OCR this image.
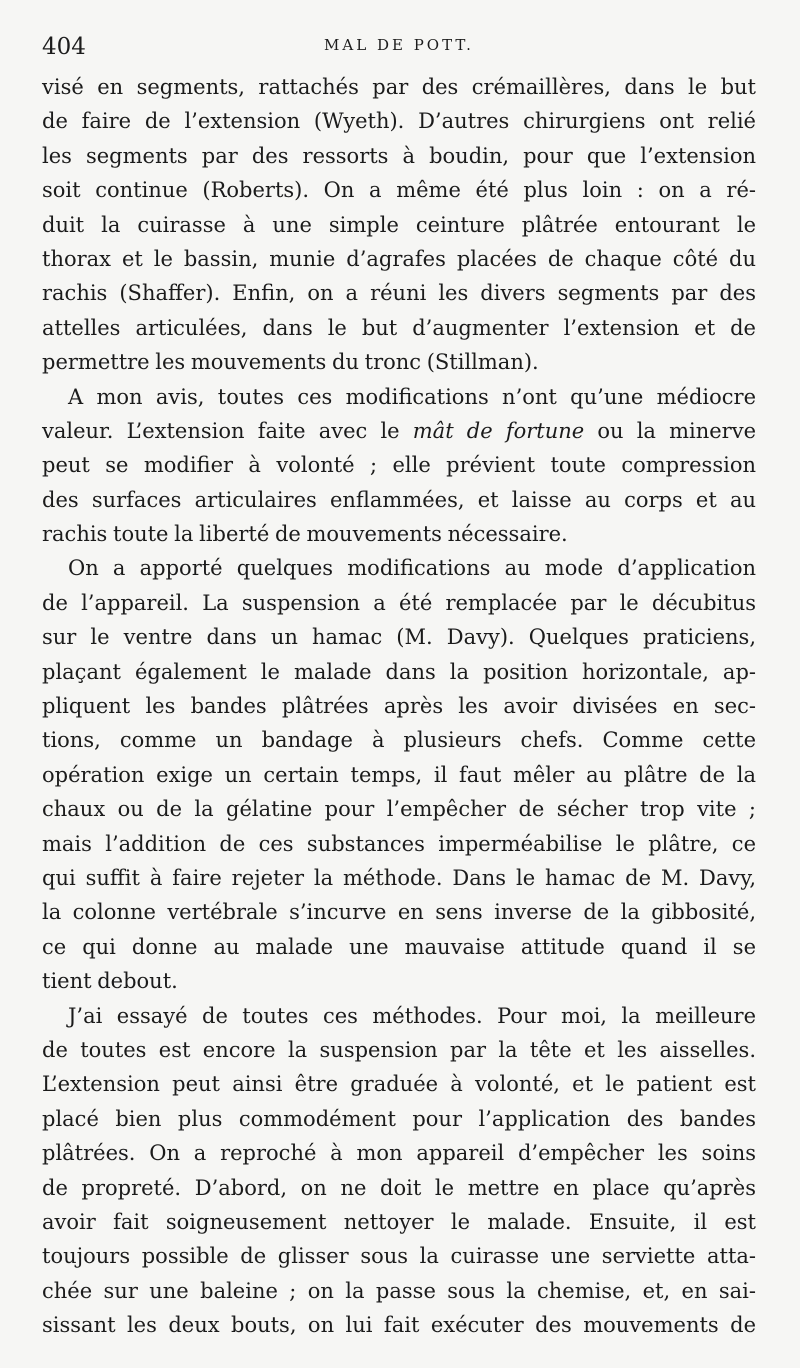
404	MAL DE POTT.

visé en segments, rattachés par des crémaillères, dans le but
de faire de l’extension (Wyeth). D’autres chirurgiens ont relié
les segments par des ressorts à boudin, pour que l’extension
soit continue (Roberts). On a même été plus loin : on a ré-
duit la cuirasse à une simple ceinture plâtrée entourant le
thorax et le bassin, munie d’agrafes placées de chaque côté du
rachis (Shaffer). Enfin, on a réuni les divers segments par des
attelles articulées, dans le but d’augmenter l’extension et de
permettre les mouvements du tronc (Stillman).

A mon avis, toutes ces modifications n’ont qu’une médiocre
valeur. L’extension faite avec le mât de fortune ou la minerve
peut se modifier à volonté ; elle prévient toute compression
des surfaces articulaires enflammées, et laisse au corps et au
rachis toute la liberté de mouvements nécessaire.

On a apporté quelques modifications au mode d’application
de l’appareil. La suspension a été remplacée par le décubitus
sur le ventre dans un hamac (M. Davy). Quelques praticiens,
plaçant également le malade dans la position horizontale, ap-
pliquent les bandes plâtrées après les avoir divisées en sec-
tions, comme un bandage à plusieurs chefs. Comme cette
opération exige un certain temps, il faut mêler au plâtre de la
chaux ou de la gélatine pour l’empêcher de sécher trop vite ;
mais l’addition de ces substances imperméabilise le plâtre, ce
qui suffit à faire rejeter la méthode. Dans le hamac de M. Davy,
la colonne vertébrale s’incurve en sens inverse de la gibbosité,
ce qui donne au malade une mauvaise attitude quand il se
tient debout.

J’ai essayé de toutes ces méthodes. Pour moi, la meilleure
de toutes est encore la suspension par la tête et les aisselles.
L’extension peut ainsi être graduée à volonté, et le patient est
placé bien plus commodément pour l’application des bandes
plâtrées. On a reproché à mon appareil d’empêcher les soins
de propreté. D’abord, on ne doit le mettre en place qu’après
avoir fait soigneusement nettoyer le malade. Ensuite, il est
toujours possible de glisser sous la cuirasse une serviette atta-
chée sur une baleine ; on la passe sous la chemise, et, en sai-
sissant les deux bouts, on lui fait exécuter des mouvements de
